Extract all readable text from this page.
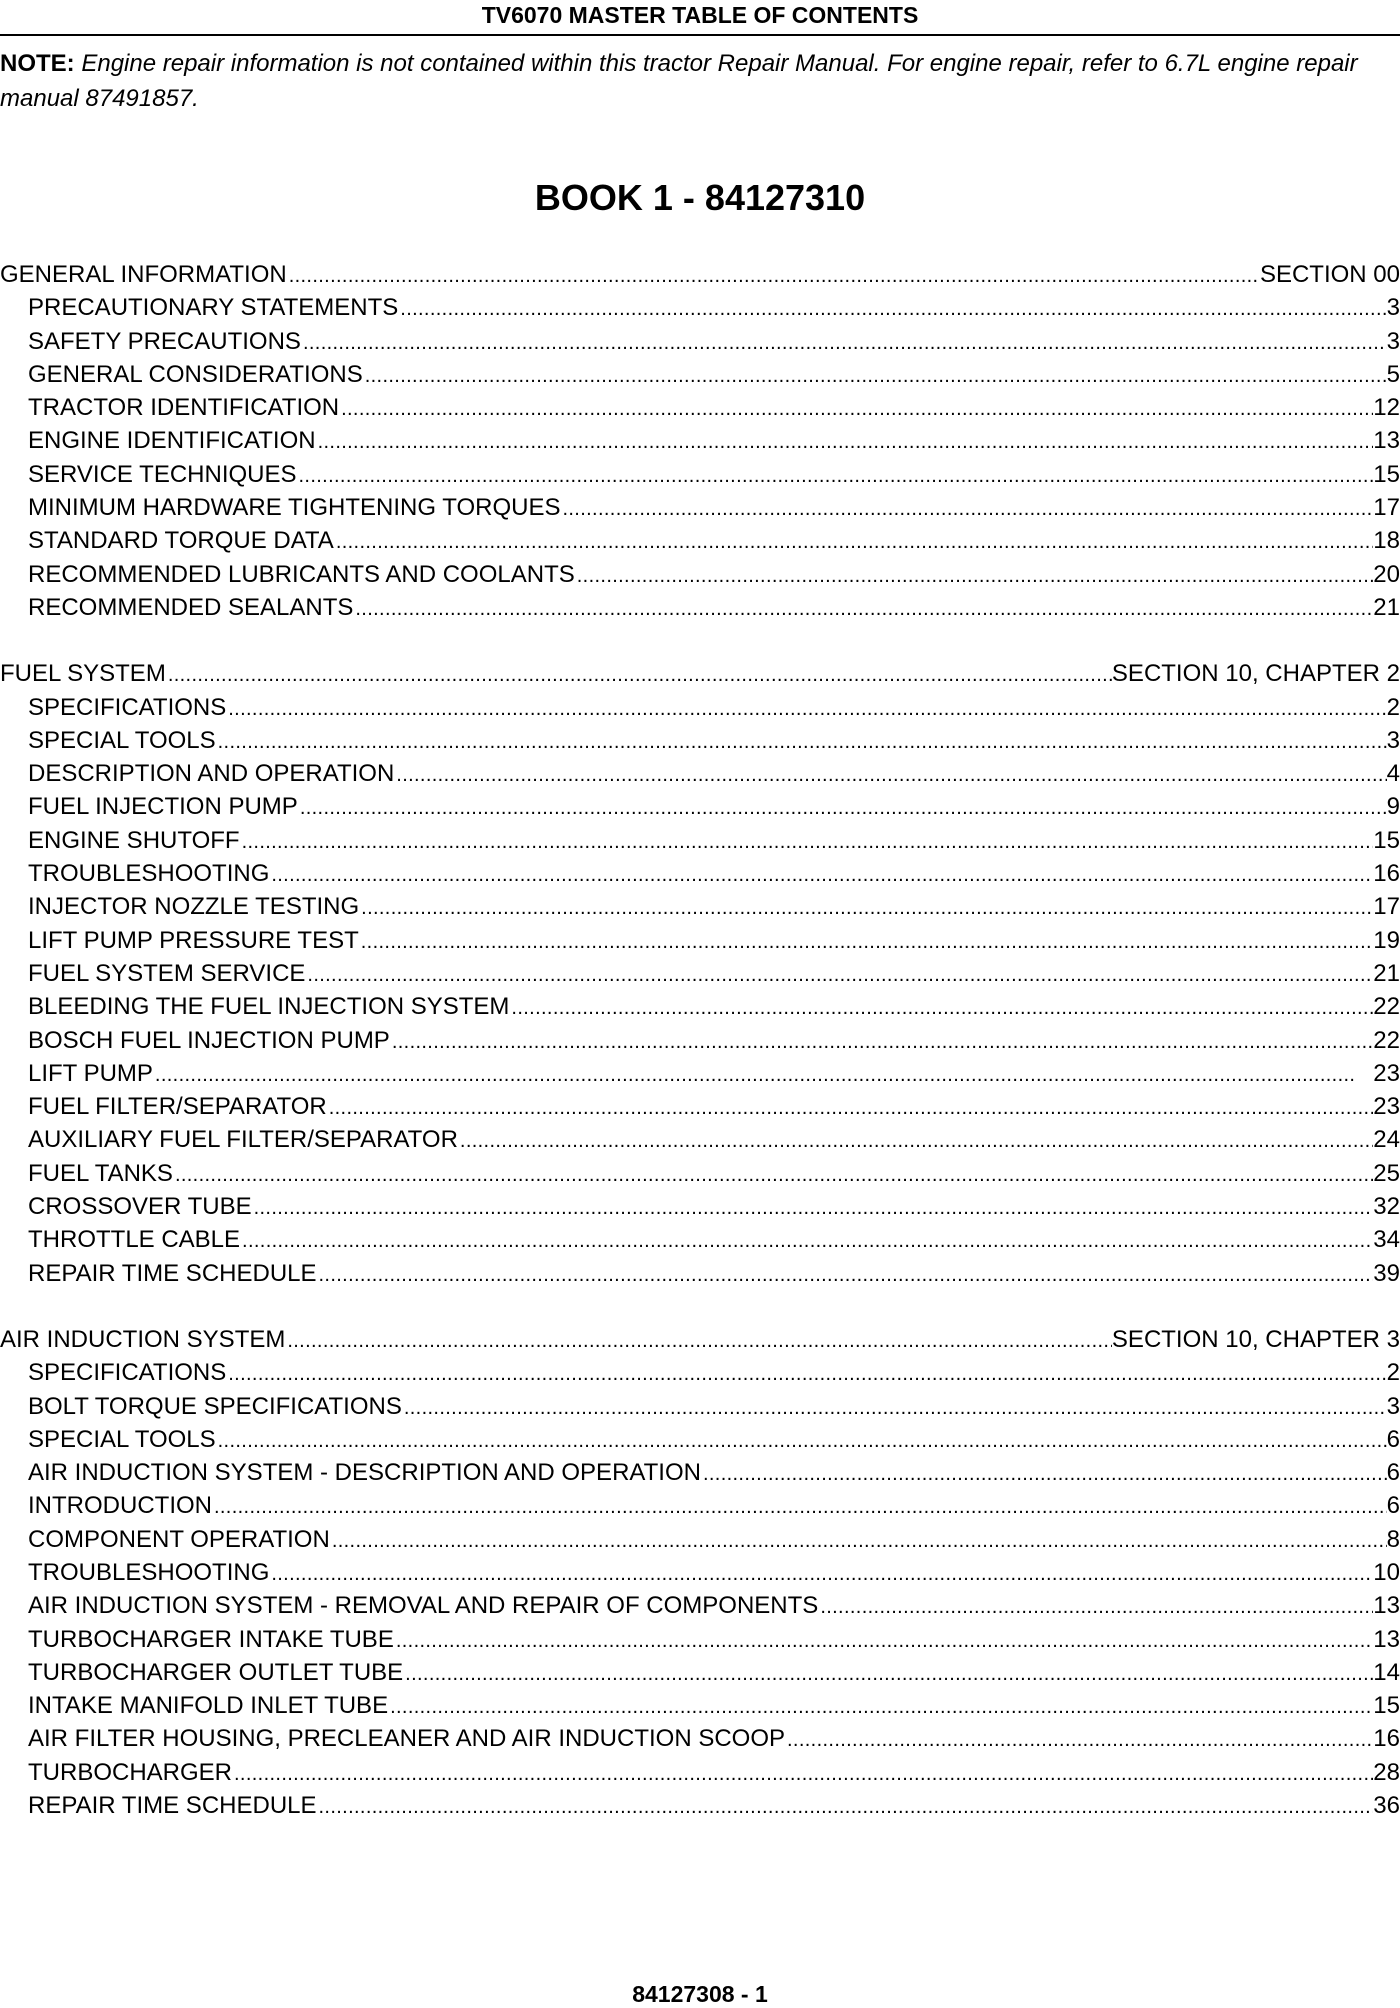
TV6070 MASTER TABLE OF CONTENTS
NOTE: Engine repair information is not contained within this tractor Repair Manual. For engine repair, refer to 6.7L engine repair manual 87491857.
BOOK 1 - 84127310
GENERAL INFORMATION . . .	SECTION 00
PRECAUTIONARY STATEMENTS . . .	3
SAFETY PRECAUTIONS . . .	3
GENERAL CONSIDERATIONS . . .	5
TRACTOR IDENTIFICATION . . .	12
ENGINE IDENTIFICATION . . .	13
SERVICE TECHNIQUES . . .	15
MINIMUM HARDWARE TIGHTENING TORQUES . . .	17
STANDARD TORQUE DATA . . .	18
RECOMMENDED LUBRICANTS AND COOLANTS . . .	20
RECOMMENDED SEALANTS . . .	21
FUEL SYSTEM . . .	SECTION 10, CHAPTER 2
SPECIFICATIONS . . .	2
SPECIAL TOOLS . . .	3
DESCRIPTION AND OPERATION . . .	4
FUEL INJECTION PUMP . . .	9
ENGINE SHUTOFF . . .	15
TROUBLESHOOTING . . .	16
INJECTOR NOZZLE TESTING . . .	17
LIFT PUMP PRESSURE TEST . . .	19
FUEL SYSTEM SERVICE . . .	21
BLEEDING THE FUEL INJECTION SYSTEM . . .	22
BOSCH FUEL INJECTION PUMP . . .	22
LIFT PUMP . . .	23
FUEL FILTER/SEPARATOR . . .	23
AUXILIARY FUEL FILTER/SEPARATOR . . .	24
FUEL TANKS . . .	25
CROSSOVER TUBE . . .	32
THROTTLE CABLE . . .	34
REPAIR TIME SCHEDULE . . .	39
AIR INDUCTION SYSTEM . . .	SECTION 10, CHAPTER 3
SPECIFICATIONS . . .	2
BOLT TORQUE SPECIFICATIONS . . .	3
SPECIAL TOOLS . . .	6
AIR INDUCTION SYSTEM - DESCRIPTION AND OPERATION . . .	6
INTRODUCTION . . .	6
COMPONENT OPERATION . . .	8
TROUBLESHOOTING . . .	10
AIR INDUCTION SYSTEM - REMOVAL AND REPAIR OF COMPONENTS . . .	13
TURBOCHARGER INTAKE TUBE . . .	13
TURBOCHARGER OUTLET TUBE . . .	14
INTAKE MANIFOLD INLET TUBE . . .	15
AIR FILTER HOUSING, PRECLEANER AND AIR INDUCTION SCOOP . . .	16
TURBOCHARGER . . .	28
REPAIR TIME SCHEDULE . . .	36
84127308 - 1
